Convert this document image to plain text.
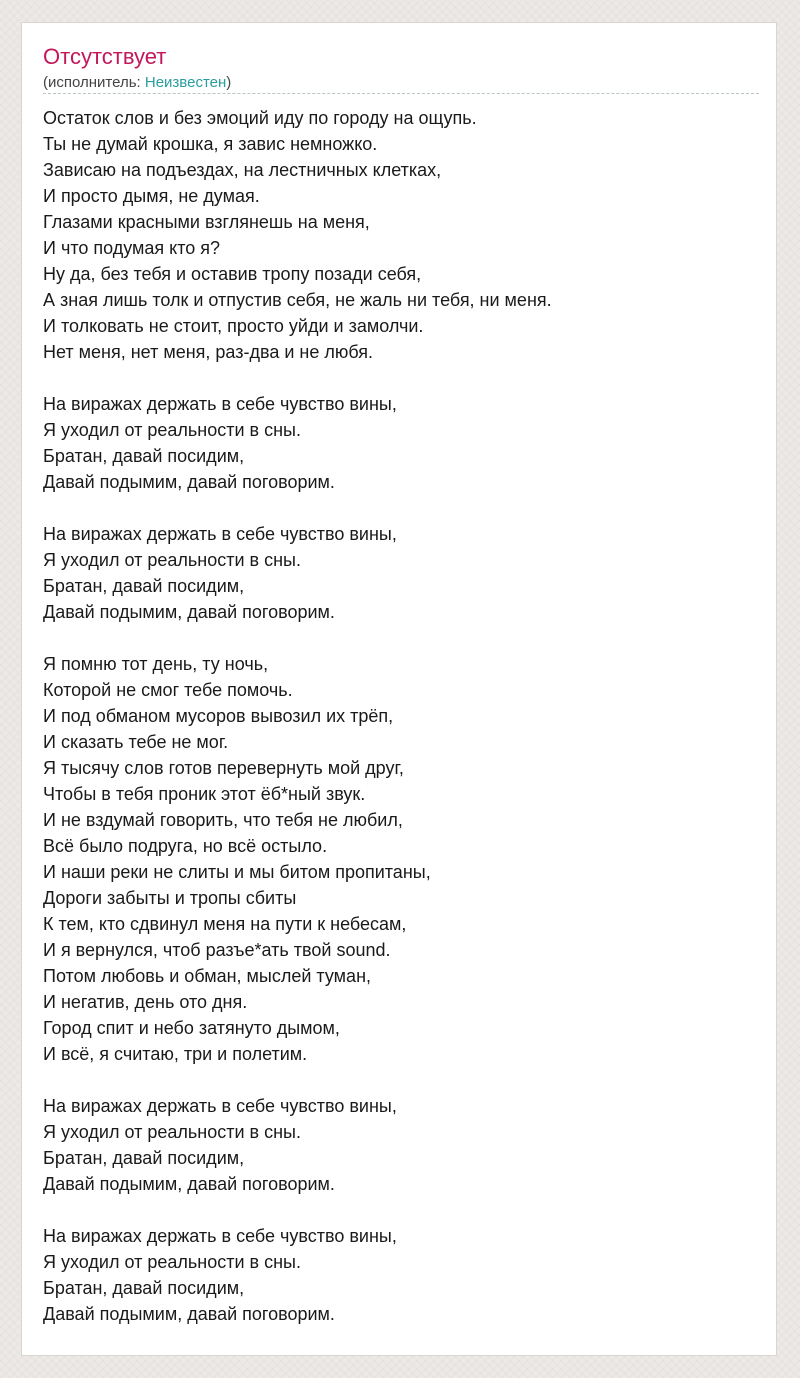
Отсутствует
(исполнитель: Неизвестен)
Остаток слов и без эмоций иду по городу на ощупь.
Ты не думай крошка, я завис немножко.
Зависаю на подъездах, на лестничных клетках,
И просто дымя, не думая.
Глазами красными взглянешь на меня,
И что подумая кто я?
Ну да, без тебя и оставив тропу позади себя,
А зная лишь толк и отпустив себя, не жаль ни тебя, ни меня.
И толковать не стоит, просто уйди и замолчи.
Нет меня, нет меня, раз-два и не любя.
На виражах держать в себе чувство вины,
Я уходил от реальности в сны.
Братан, давай посидим,
Давай подымим, давай поговорим.
На виражах держать в себе чувство вины,
Я уходил от реальности в сны.
Братан, давай посидим,
Давай подымим, давай поговорим.
Я помню тот день, ту ночь,
Которой не смог тебе помочь.
И под обманом мусоров вывозил их трёп,
И сказать тебе не мог.
Я тысячу слов готов перевернуть мой друг,
Чтобы в тебя проник этот ёб*ный звук.
И не вздумай говорить, что тебя не любил,
Всё было подруга, но всё остыло.
И наши реки не слиты и мы битом пропитаны,
Дороги забыты и тропы сбиты
К тем, кто сдвинул меня на пути к небесам,
И я вернулся, чтоб разъе*ать твой sound.
Потом любовь и обман, мыслей туман,
И негатив, день ото дня.
Город спит и небо затянуто дымом,
И всё, я считаю, три и полетим.
На виражах держать в себе чувство вины,
Я уходил от реальности в сны.
Братан, давай посидим,
Давай подымим, давай поговорим.
На виражах держать в себе чувство вины,
Я уходил от реальности в сны.
Братан, давай посидим,
Давай подымим, давай поговорим.
